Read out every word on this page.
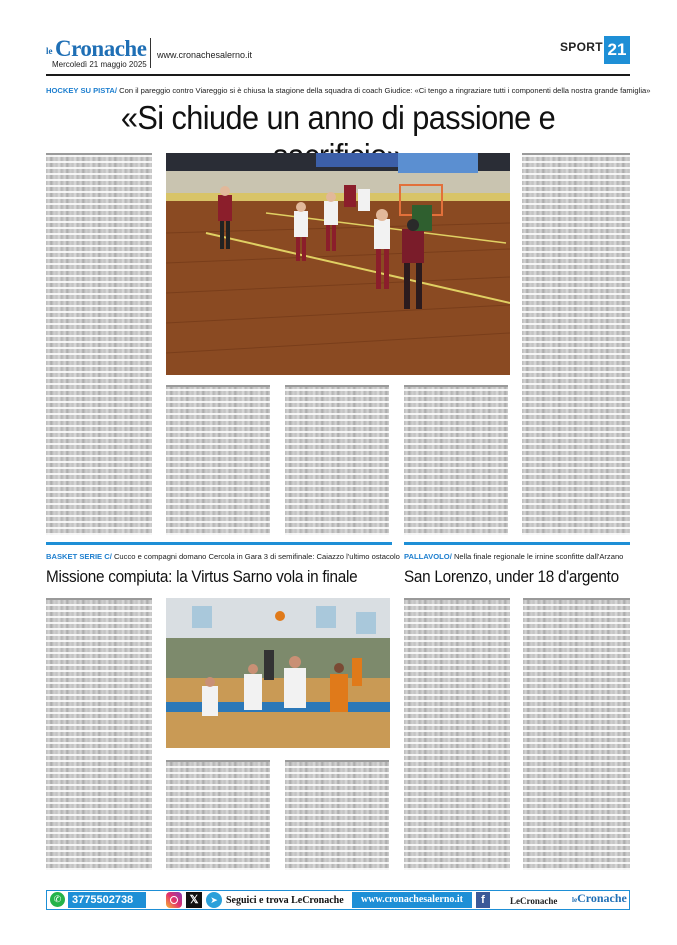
le Cronache
Mercoledì 21 maggio 2025
www.cronachesalerno.it
SPORT 21
HOCKEY SU PISTA/ Con il pareggio contro Viareggio si è chiusa la stagione della squadra di coach Giudice: «Ci tengo a ringraziare tutti i componenti della nostra grande famiglia»
«Si chiude un anno di passione e
BASKET SERIE C/ Cucco e compagni domano Cercola in Gara 3 di semifinale: Caiazzo l'ultimo ostacolo
Missione compiuta: la Virtus Sarno vola in finale
PALLAVOLO/ Nella finale regionale le irnine sconfitte dall'Arzano
San Lorenzo, under 18 d'argento
✆ 3775502738	𝕏	➤ Seguici e trova LeCronache	www.cronachesalerno.it	f	LeCronache leCronache
